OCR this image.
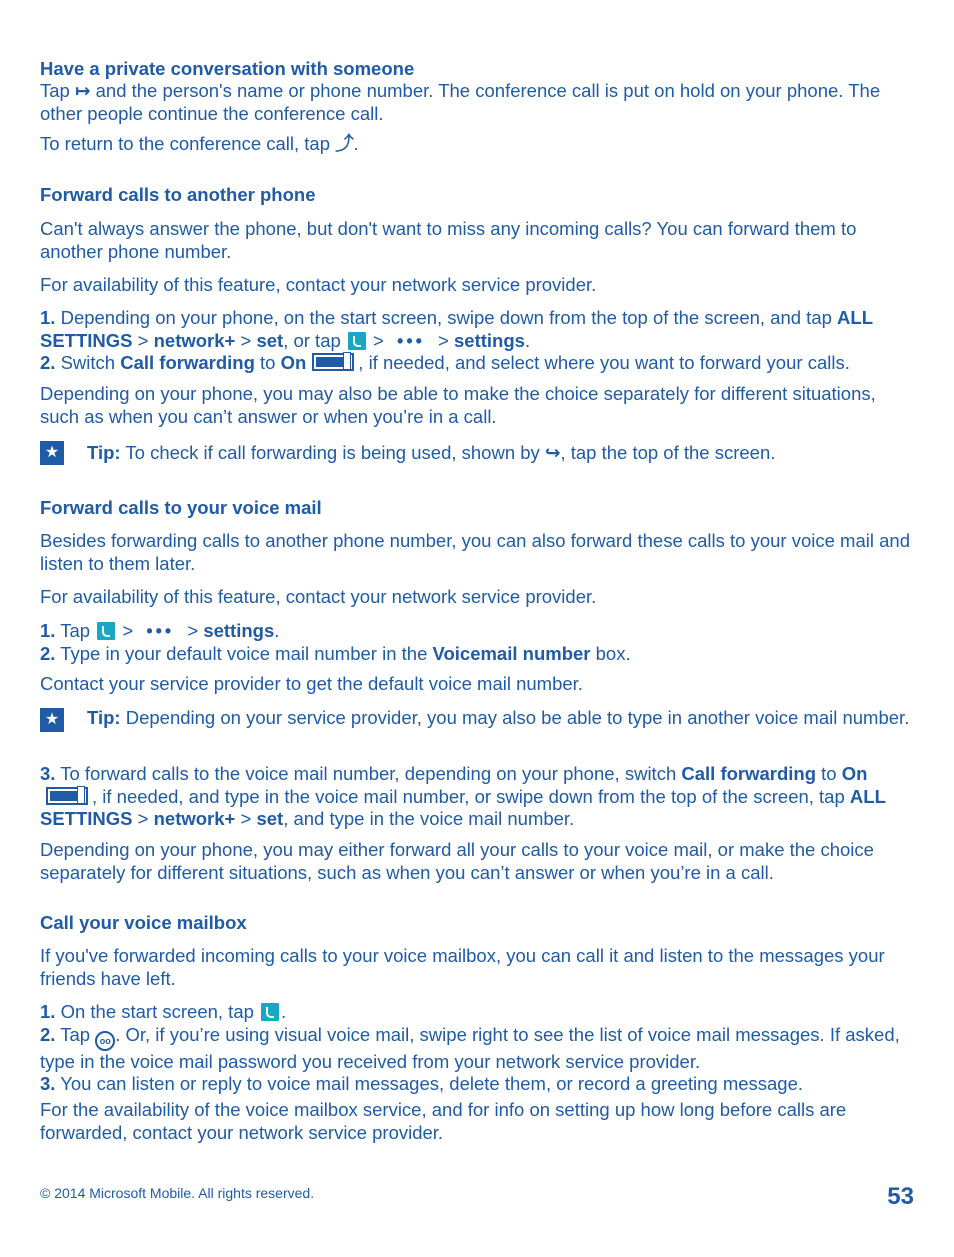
Have a private conversation with someone

Tap ↦ and the person's name or phone number. The conference call is put on hold on your phone. The other people continue the conference call.

To return to the conference call, tap ⤴.

Forward calls to another phone
Can't always answer the phone, but don't want to miss any incoming calls? You can forward them to another phone number.
For availability of this feature, contact your network service provider.

1. Depending on your phone, on the start screen, swipe down from the top of the screen, and tap ALL SETTINGS > network+ > set, or tap  > ••• > settings.

2. Switch Call forwarding to On	, if needed, and select where you want to forward your calls.

Depending on your phone, you may also be able to make the choice separately for different situations, such as when you can’t answer or when you’re in a call.
★ Tip: To check if call forwarding is being used, shown by ↪, tap the top of the screen.
Forward calls to your voice mail
Besides forwarding calls to another phone number, you can also forward these calls to your voice mail and listen to them later.
For availability of this feature, contact your network service provider.

1. Tap  > ••• > settings.

2. Type in your default voice mail number in the Voicemail number box.

Contact your service provider to get the default voice mail number.
★ Tip: Depending on your service provider, you may also be able to type in another voice mail number.

3. To forward calls to the voice mail number, depending on your phone, switch Call forwarding to On , if needed, and type in the voice mail number, or swipe down from the top of the screen, tap ALL SETTINGS > network+ > set, and type in the voice mail number.

Depending on your phone, you may either forward all your calls to your voice mail, or make the choice separately for different situations, such as when you can’t answer or when you’re in a call.
Call your voice mailbox
If you've forwarded incoming calls to your voice mailbox, you can call it and listen to the messages your friends have left.

1. On the start screen, tap .

2. Tap oo . Or, if you’re using visual voice mail, swipe right to see the list of voice mail messages. If asked, type in the voice mail password you received from your network service provider.

3. You can listen or reply to voice mail messages, delete them, or record a greeting message.

For the availability of the voice mailbox service, and for info on setting up how long before calls are forwarded, contact your network service provider.
© 2014 Microsoft Mobile. All rights reserved.	53
